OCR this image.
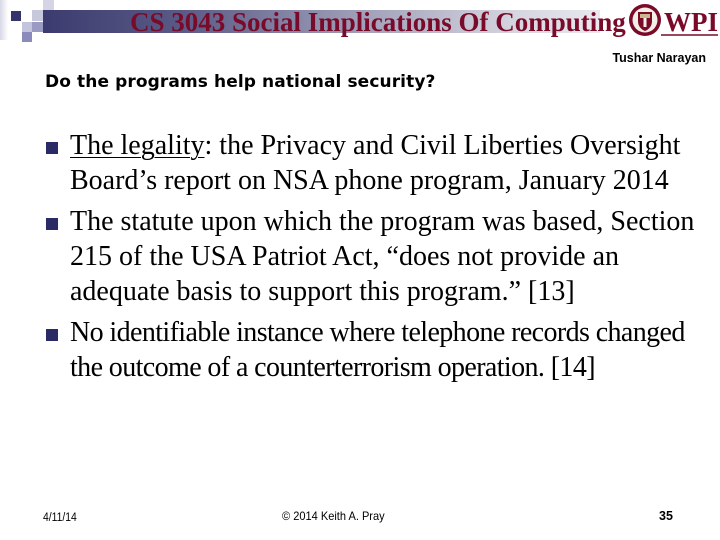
CS 3043 Social Implications Of Computing WPI
Tushar Narayan
Do the programs help national security?
The legality: the Privacy and Civil Liberties Oversight Board’s report on NSA phone program, January 2014
The statute upon which the program was based, Section 215 of the USA Patriot Act, “does not provide an adequate basis to support this program.” [13]
No identifiable instance where telephone records changed the outcome of a counterterrorism operation. [14]
4/11/14	© 2014 Keith A. Pray	35
